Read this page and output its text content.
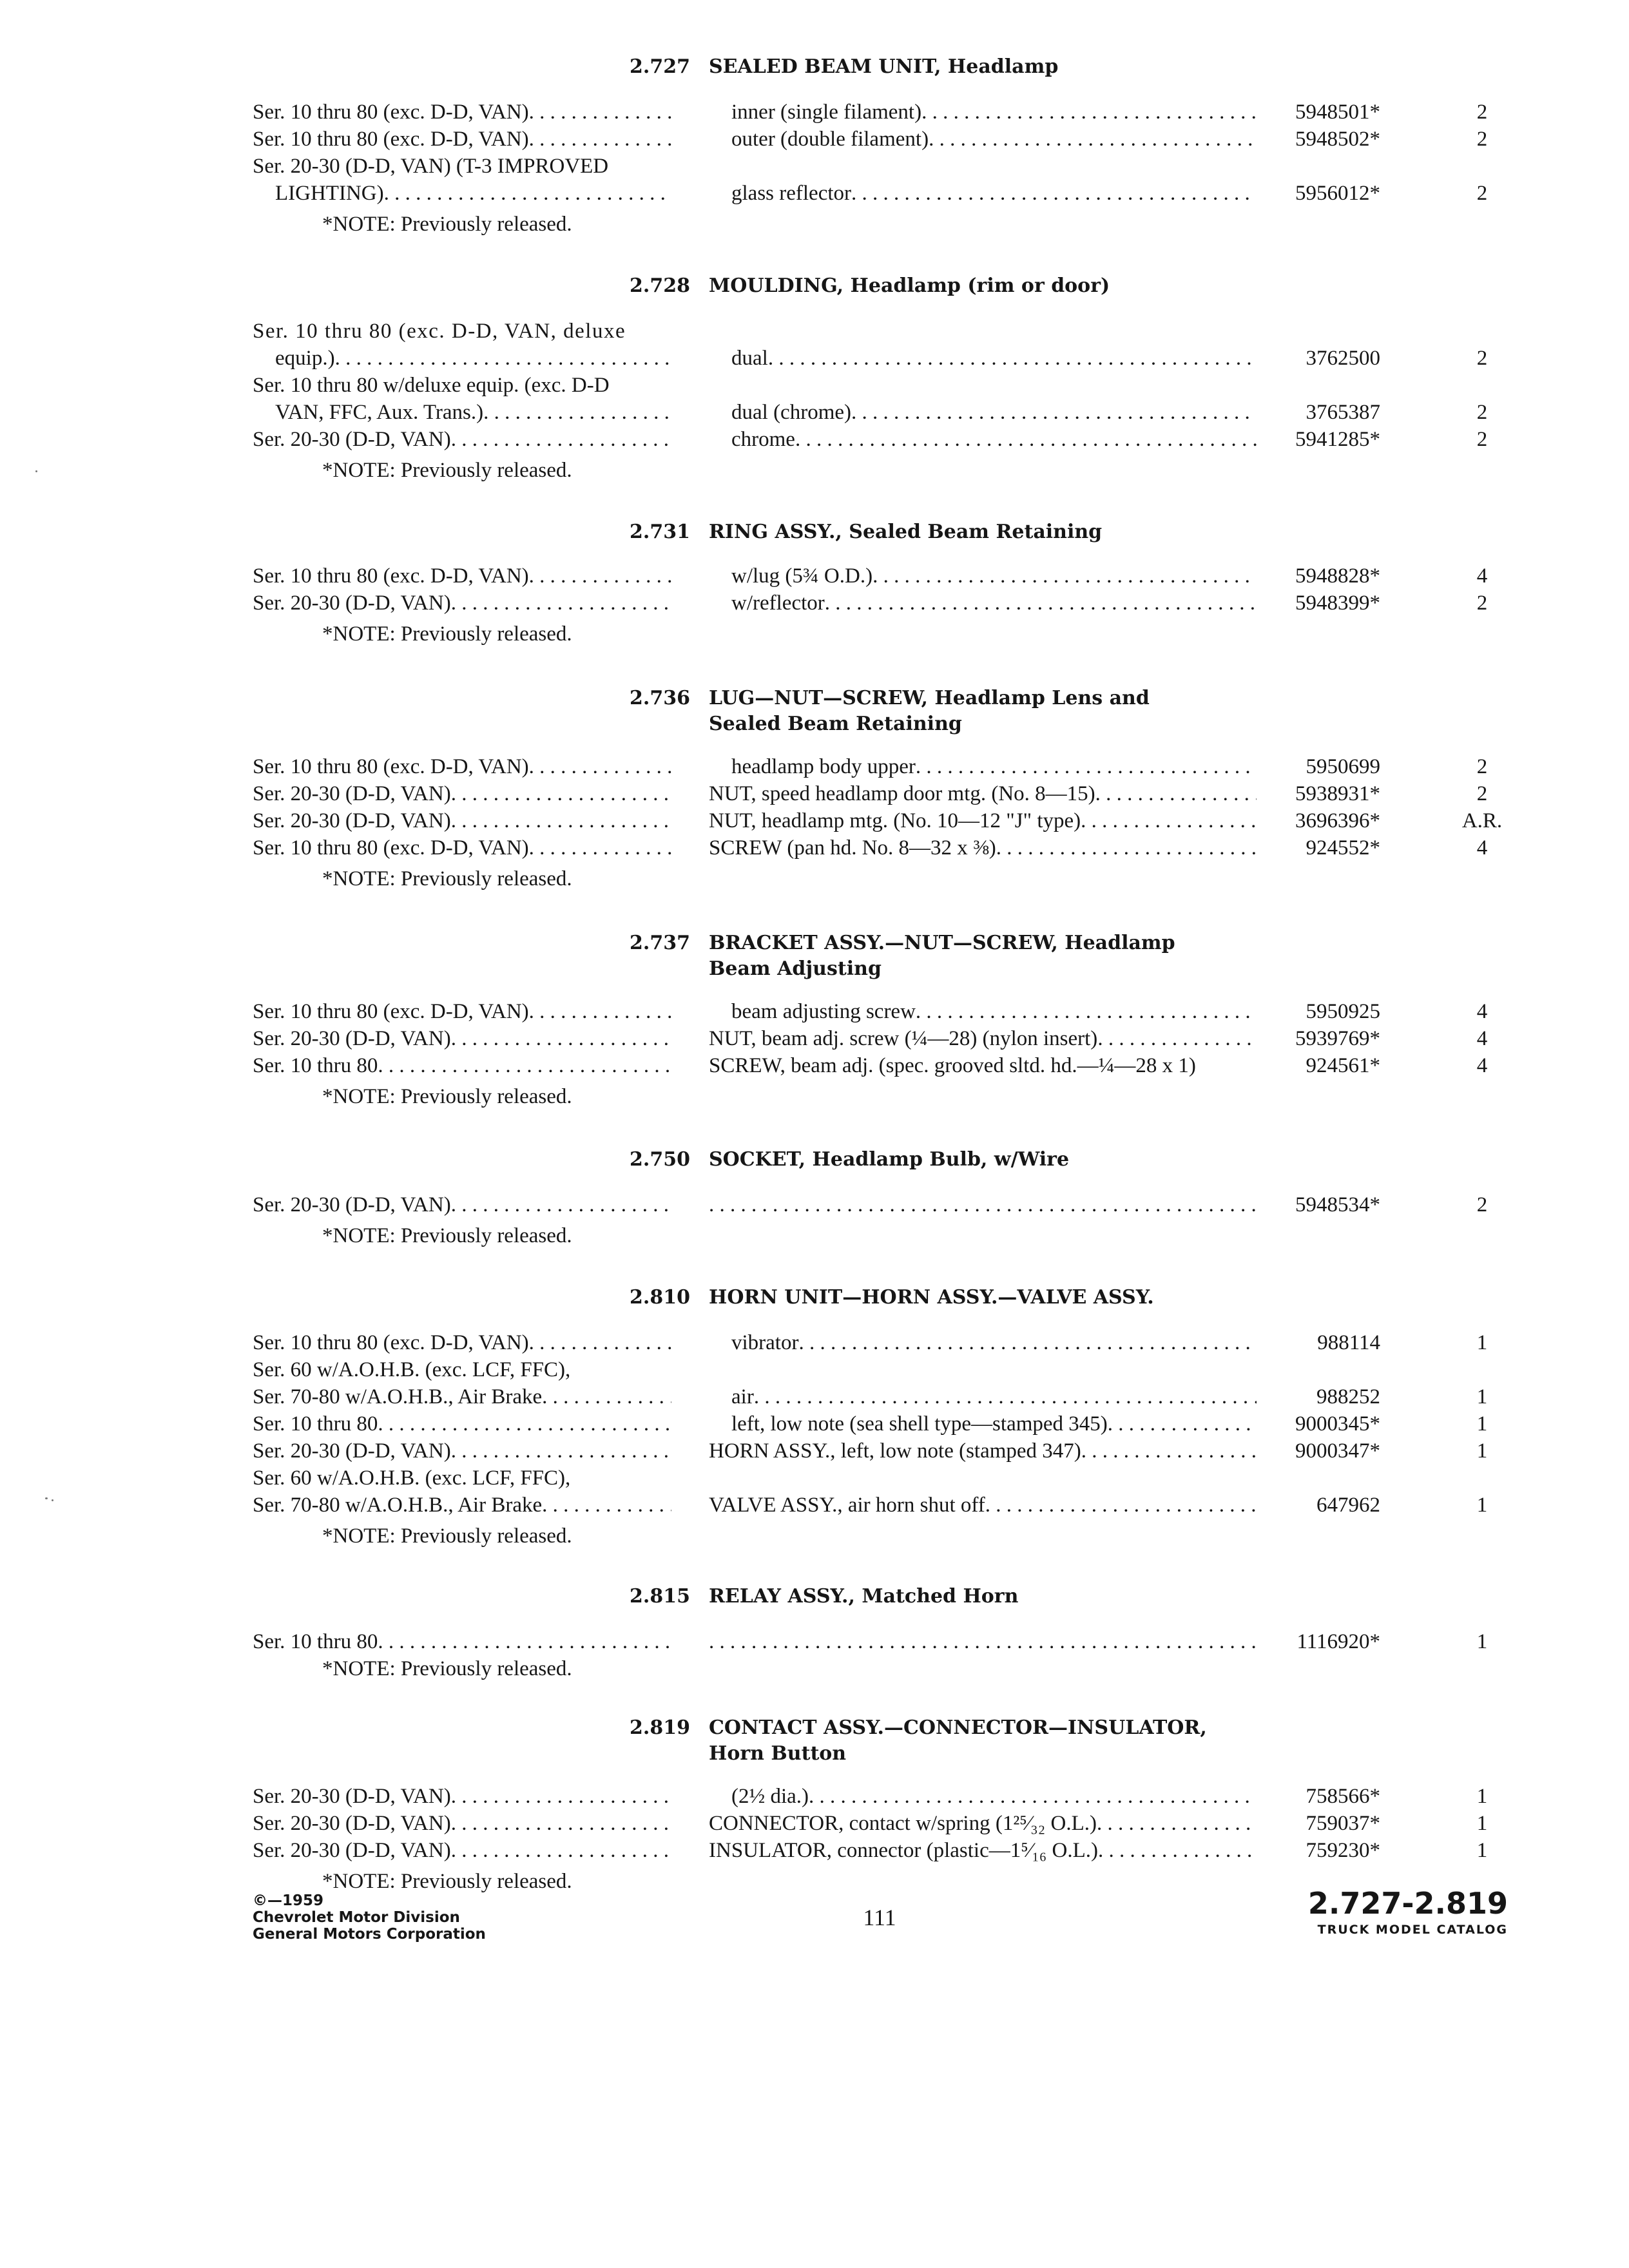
2.727 SEALED BEAM UNIT, Headlamp
Ser. 10 thru 80 (exc. D-D, VAN) . . .	inner (single filament) . . .	5948501*	2
Ser. 10 thru 80 (exc. D-D, VAN) . . .	outer (double filament) . . .	5948502*	2
Ser. 20-30 (D-D, VAN) (T-3 IMPROVED
LIGHTING) . . .	glass reflector . . .	5956012*	2
*NOTE: Previously released.
2.728 MOULDING, Headlamp (rim or door)
Ser. 10 thru 80 (exc. D-D, VAN, deluxe
equip.) . . .	dual . . .	3762500	2
Ser. 10 thru 80 w/deluxe equip. (exc. D-D
VAN, FFC, Aux. Trans.) . . .	dual (chrome) . . .	3765387	2
Ser. 20-30 (D-D, VAN) . . .	chrome . . .	5941285*	2
*NOTE: Previously released.
2.731 RING ASSY., Sealed Beam Retaining
Ser. 10 thru 80 (exc. D-D, VAN) . . .	w/lug (5¾ O.D.) . . .	5948828*	4
Ser. 20-30 (D-D, VAN) . . .	w/reflector . . .	5948399*	2
*NOTE: Previously released.
2.736 LUG—NUT—SCREW, Headlamp Lens and
Sealed Beam Retaining
Ser. 10 thru 80 (exc. D-D, VAN) . . .	headlamp body upper . . .	5950699	2
Ser. 20-30 (D-D, VAN) . . .	NUT, speed headlamp door mtg. (No. 8—15) . . .	5938931*	2
Ser. 20-30 (D-D, VAN) . . .	NUT, headlamp mtg. (No. 10—12 "J" type) . . .	3696396*	A.R.
Ser. 10 thru 80 (exc. D-D, VAN) . . .	SCREW (pan hd. No. 8—32 x ⅜) . . .	924552*	4
*NOTE: Previously released.
2.737 BRACKET ASSY.—NUT—SCREW, Headlamp
Beam Adjusting
Ser. 10 thru 80 (exc. D-D, VAN) . . .	beam adjusting screw . . .	5950925	4
Ser. 20-30 (D-D, VAN) . . .	NUT, beam adj. screw (¼—28) (nylon insert) . . .	5939769*	4
Ser. 10 thru 80 . . .	SCREW, beam adj. (spec. grooved sltd. hd.—¼—28 x 1)	924561*	4
*NOTE: Previously released.
2.750 SOCKET, Headlamp Bulb, w/Wire
Ser. 20-30 (D-D, VAN) . . . . . .	5948534*	2
*NOTE: Previously released.
2.810 HORN UNIT—HORN ASSY.—VALVE ASSY.
Ser. 10 thru 80 (exc. D-D, VAN) . . .	vibrator . . .	988114	1
Ser. 60 w/A.O.H.B. (exc. LCF, FFC),
Ser. 70-80 w/A.O.H.B., Air Brake . . .	air . . .	988252	1
Ser. 10 thru 80 . . .	left, low note (sea shell type—stamped 345) . . .	9000345*	1
Ser. 20-30 (D-D, VAN) . . .	HORN ASSY., left, low note (stamped 347) . . .	9000347*	1
Ser. 60 w/A.O.H.B. (exc. LCF, FFC),
Ser. 70-80 w/A.O.H.B., Air Brake . . .	VALVE ASSY., air horn shut off . . .	647962	1
*NOTE: Previously released.
2.815 RELAY ASSY., Matched Horn
Ser. 10 thru 80 . . . . . .	1116920*	1
*NOTE: Previously released.
2.819 CONTACT ASSY.—CONNECTOR—INSULATOR,
Horn Button
Ser. 20-30 (D-D, VAN) . . .	(2½ dia.) . . .	758566*	1
Ser. 20-30 (D-D, VAN) . . .	CONNECTOR, contact w/spring (1²⁵⁄₃₂ O.L.) . . .	759037*	1
Ser. 20-30 (D-D, VAN) . . .	INSULATOR, connector (plastic—1⁵⁄₁₆ O.L.) . . .	759230*	1
*NOTE: Previously released.
©—1959
Chevrolet Motor Division
General Motors Corporation
111	2.727-2.819
TRUCK MODEL CATALOG
